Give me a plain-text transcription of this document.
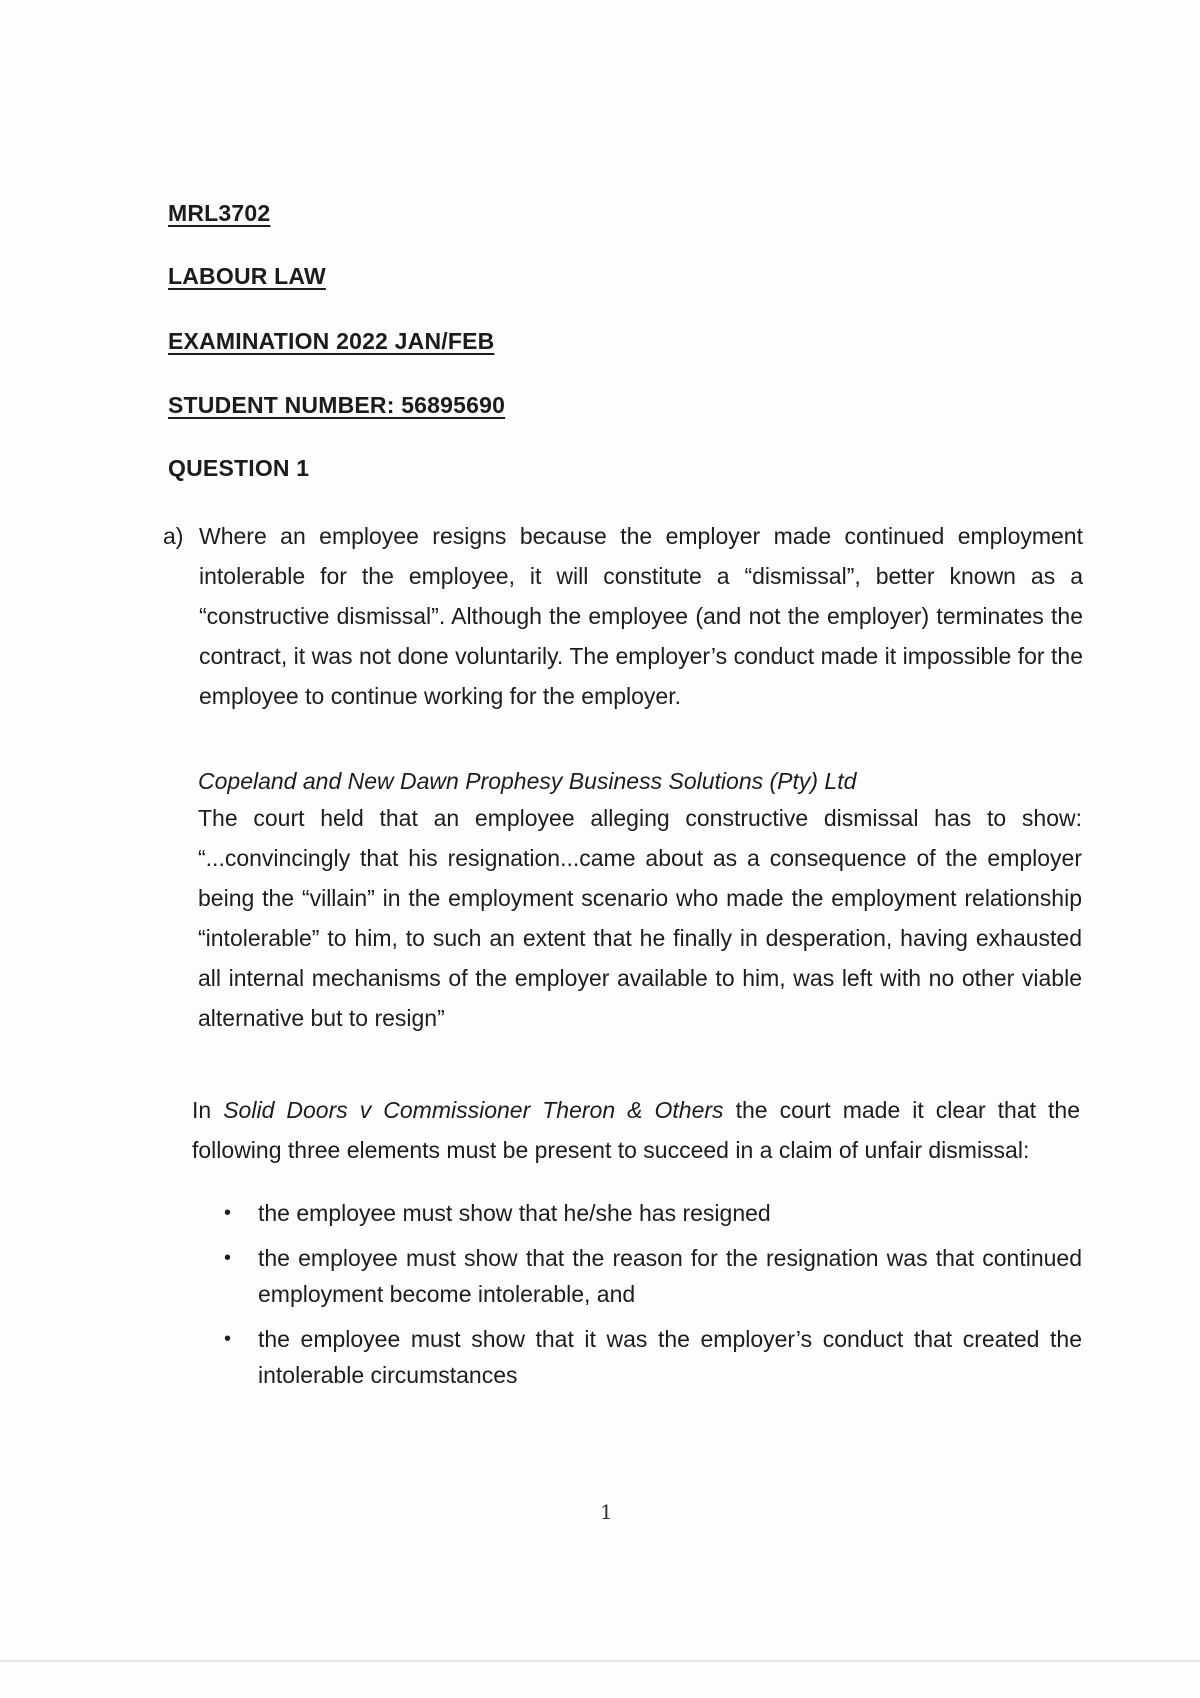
MRL3702
LABOUR LAW
EXAMINATION 2022 JAN/FEB
STUDENT NUMBER: 56895690
QUESTION 1
a) Where an employee resigns because the employer made continued employment intolerable for the employee, it will constitute a “dismissal”, better known as a “constructive dismissal”. Although the employee (and not the employer) terminates the contract, it was not done voluntarily. The employer’s conduct made it impossible for the employee to continue working for the employer.
Copeland and New Dawn Prophesy Business Solutions (Pty) Ltd
The court held that an employee alleging constructive dismissal has to show: “...convincingly that his resignation...came about as a consequence of the employer being the “villain” in the employment scenario who made the employment relationship “intolerable” to him, to such an extent that he finally in desperation, having exhausted all internal mechanisms of the employer available to him, was left with no other viable alternative but to resign”
In Solid Doors v Commissioner Theron & Others the court made it clear that the following three elements must be present to succeed in a claim of unfair dismissal:
• the employee must show that he/she has resigned
• the employee must show that the reason for the resignation was that continued employment become intolerable, and
• the employee must show that it was the employer’s conduct that created the intolerable circumstances
1
